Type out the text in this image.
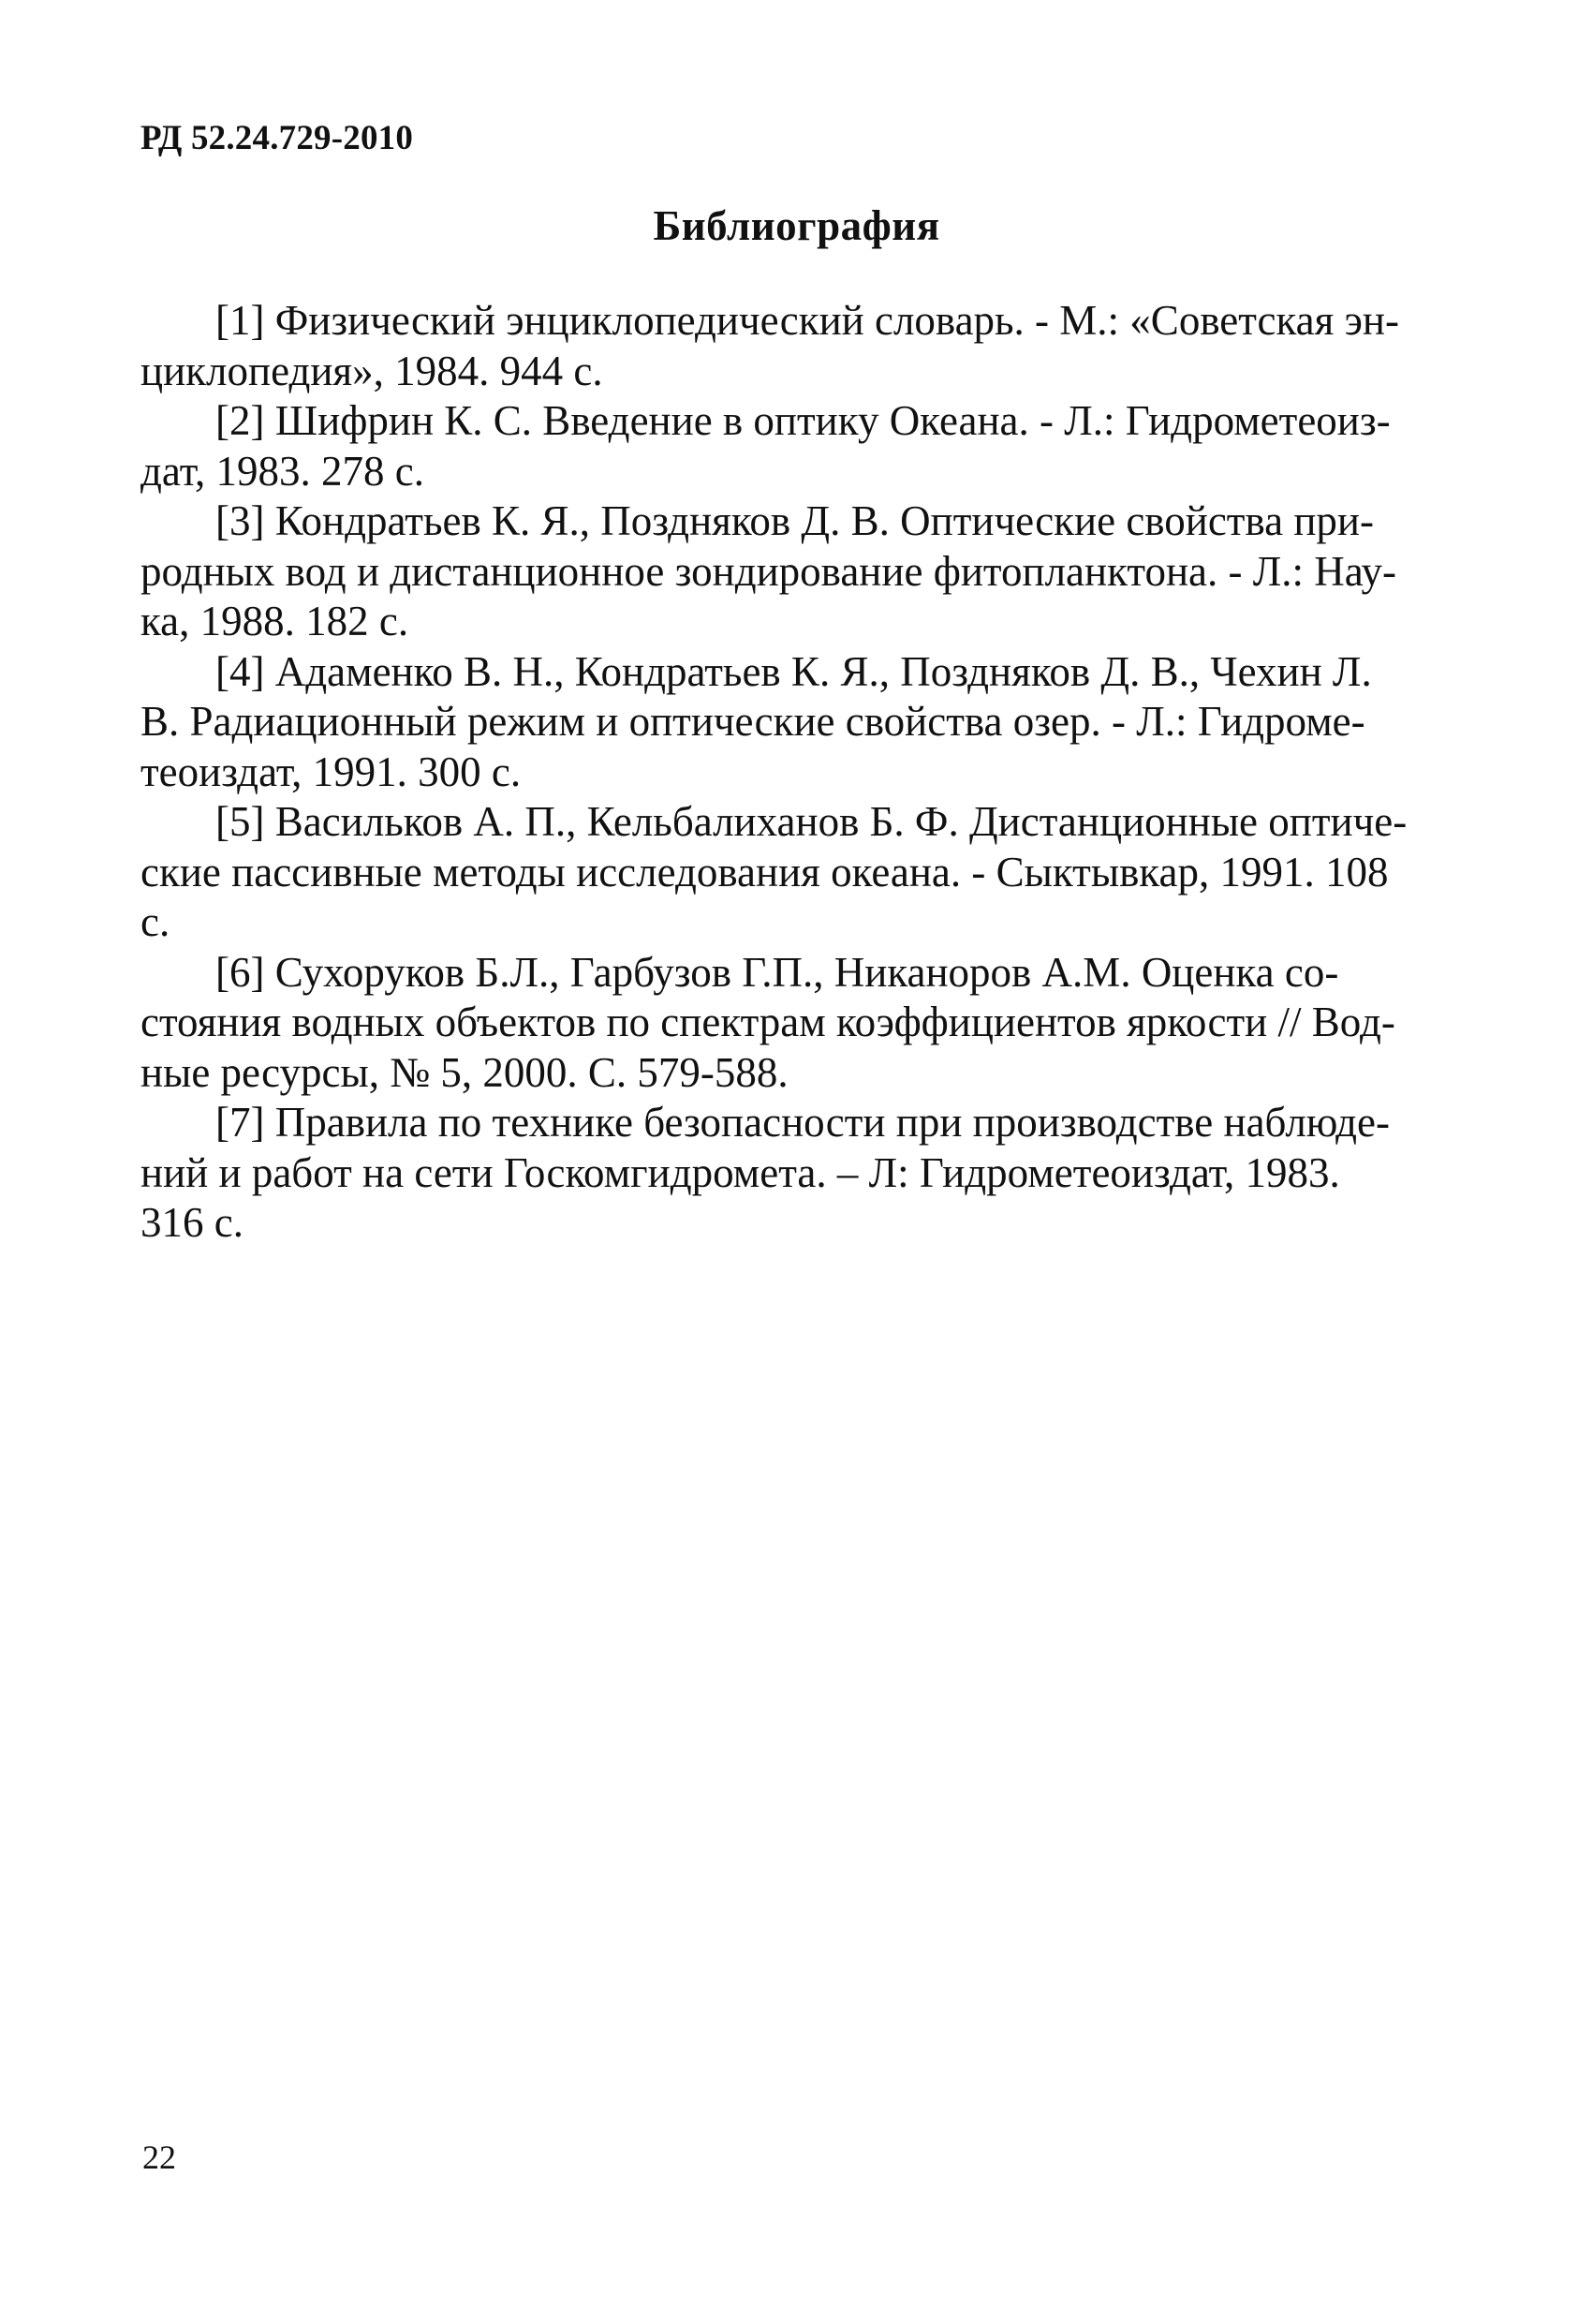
РД 52.24.729-2010
Библиография
[1] Физический энциклопедический словарь. - М.: «Советская эн-
циклопедия», 1984. 944 с.
[2] Шифрин К. С. Введение в оптику Океана. - Л.: Гидрометеоиз-
дат, 1983. 278 с.
[3] Кондратьев К. Я., Поздняков Д. В. Оптические свойства при-
родных вод и дистанционное зондирование фитопланктона. - Л.: Нау-
ка, 1988. 182 с.
[4] Адаменко В. Н., Кондратьев К. Я., Поздняков Д. В., Чехин Л.
В. Радиационный режим и оптические свойства озер. - Л.: Гидроме-
теоиздат, 1991. 300 с.
[5] Васильков А. П., Кельбалиханов Б. Ф. Дистанционные оптиче-
ские пассивные методы исследования океана. - Сыктывкар, 1991. 108
с.
[6] Сухоруков Б.Л., Гарбузов Г.П., Никаноров А.М. Оценка со-
стояния водных объектов по спектрам коэффициентов яркости // Вод-
ные ресурсы, № 5, 2000. С. 579-588.
[7] Правила по технике безопасности при производстве наблюде-
ний и работ на сети Госкомгидромета. – Л: Гидрометеоиздат, 1983.
316 с.
22
